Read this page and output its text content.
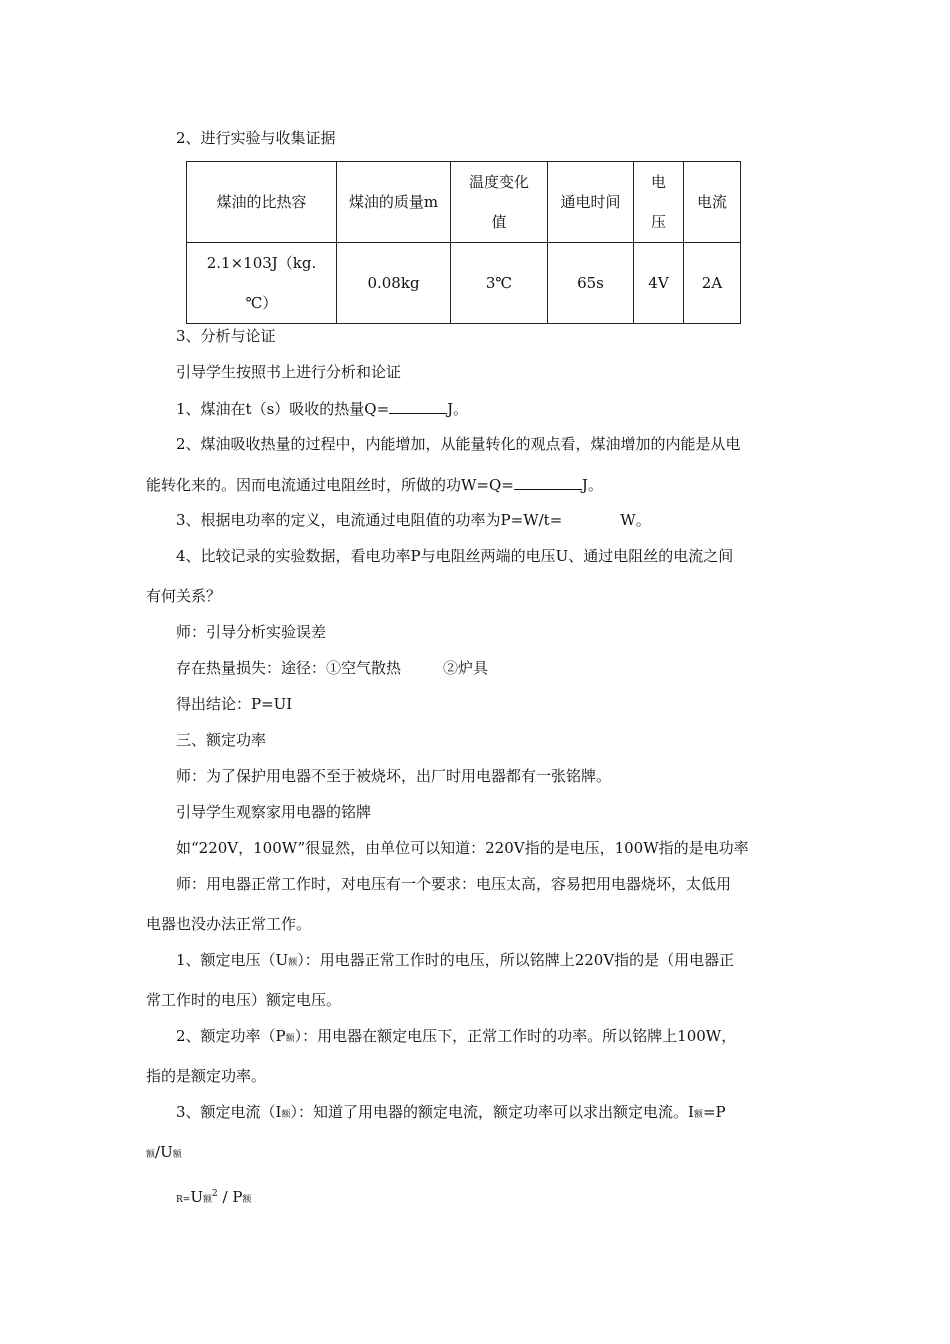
2、进行实验与收集证据
煤油的比热容	煤油的质量m	温度变化值	通电时间	电压	电流
2.1×103J（kg.℃）	0.08kg	3℃	65s	4V	2A
3、分析与论证
引导学生按照书上进行分析和论证
1、煤油在t（s）吸收的热量Q=	J。
2、煤油吸收热量的过程中，内能增加，从能量转化的观点看，煤油增加的内能是从电
能转化来的。因而电流通过电阻丝时，所做的功W=Q=	J。
3、根据电功率的定义，电流通过电阻值的功率为P=W/t=	W。
4、比较记录的实验数据，看电功率P与电阻丝两端的电压U、通过电阻丝的电流之间
有何关系？
师：引导分析实验误差
存在热量损失：途径：①空气散热	②炉具
得出结论：P=UI
三、额定功率
师：为了保护用电器不至于被烧坏，出厂时用电器都有一张铭牌。
引导学生观察家用电器的铭牌
如“220V，100W”很显然，由单位可以知道：220V指的是电压，100W指的是电功率
师：用电器正常工作时，对电压有一个要求：电压太高，容易把用电器烧坏，太低用
电器也没办法正常工作。
1、额定电压（U额）：用电器正常工作时的电压，所以铭牌上220V指的是（用电器正
常工作时的电压）额定电压。
2、额定功率（P额）：用电器在额定电压下，正常工作时的功率。所以铭牌上100W，
指的是额定功率。
3、额定电流（I额）：知道了用电器的额定电流，额定功率可以求出额定电流。I额=P
额/U额
R=U额$^2$ / P额
